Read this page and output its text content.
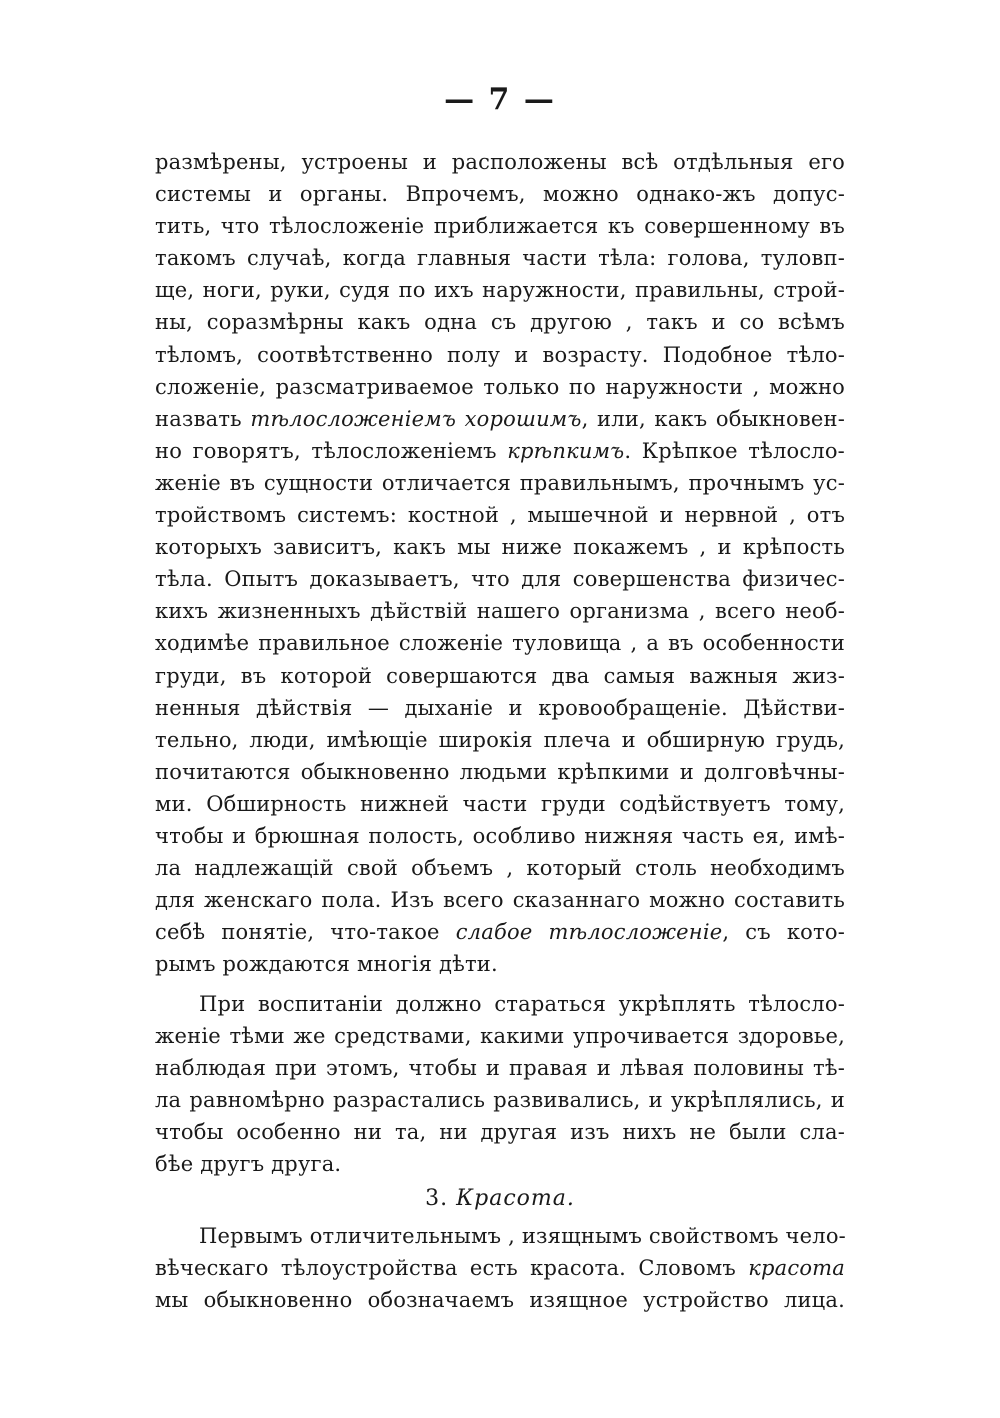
— 7 —
размѣрены, устроены и расположены всѣ отдѣльныя его
системы и органы. Впрочемъ, можно однако-жъ допус-
тить, что тѣлосложеніе приближается къ совершенному въ
такомъ случаѣ, когда главныя части тѣла: голова, туловп-
ще, ноги, руки, судя по ихъ наружности, правильны, строй-
ны, соразмѣрны какъ одна съ другою , такъ и со всѣмъ
тѣломъ, соотвѣтственно полу и возрасту. Подобное тѣло-
сложеніе, разсматриваемое только по наружности , можно
назвать тѣлосложеніемъ хорошимъ, или, какъ обыкновен-
но говорятъ, тѣлосложеніемъ крѣпкимъ. Крѣпкое тѣлосло-
женіе въ сущности отличается правильнымъ, прочнымъ ус-
тройствомъ системъ: костной , мышечной и нервной , отъ
которыхъ зависитъ, какъ мы ниже покажемъ , и крѣпость
тѣла. Опытъ доказываетъ, что для совершенства физичес-
кихъ жизненныхъ дѣйствій нашего организма , всего необ-
ходимѣе правильное сложеніе туловища , а въ особенности
груди, въ которой совершаются два самыя важныя жиз-
ненныя дѣйствія — дыханіе и кровообращеніе. Дѣйстви-
тельно, люди, имѣющіе широкія плеча и обширную грудь,
почитаются обыкновенно людьми крѣпкими и долговѣчны-
ми. Обширность нижней части груди содѣйствуетъ тому,
чтобы и брюшная полость, особливо нижняя часть ея, имѣ-
ла надлежащій свой объемъ , который столь необходимъ
для женскаго пола. Изъ всего сказаннаго можно составить
себѣ понятіе, что-такое слабое тѣлосложеніе, съ кото-
рымъ рождаются многія дѣти.
При воспитаніи должно стараться укрѣплять тѣлосло-
женіе тѣми же средствами, какими упрочивается здоровье,
наблюдая при этомъ, чтобы и правая и лѣвая половины тѣ-
ла равномѣрно разрастались развивались, и укрѣплялись, и
чтобы особенно ни та, ни другая изъ нихъ не были сла-
бѣе другъ друга.
3. Красота.
Первымъ отличительнымъ , изящнымъ свойствомъ чело-
вѣческаго тѣлоустройства есть красота. Словомъ красота
мы обыкновенно обозначаемъ изящное устройство лица.
